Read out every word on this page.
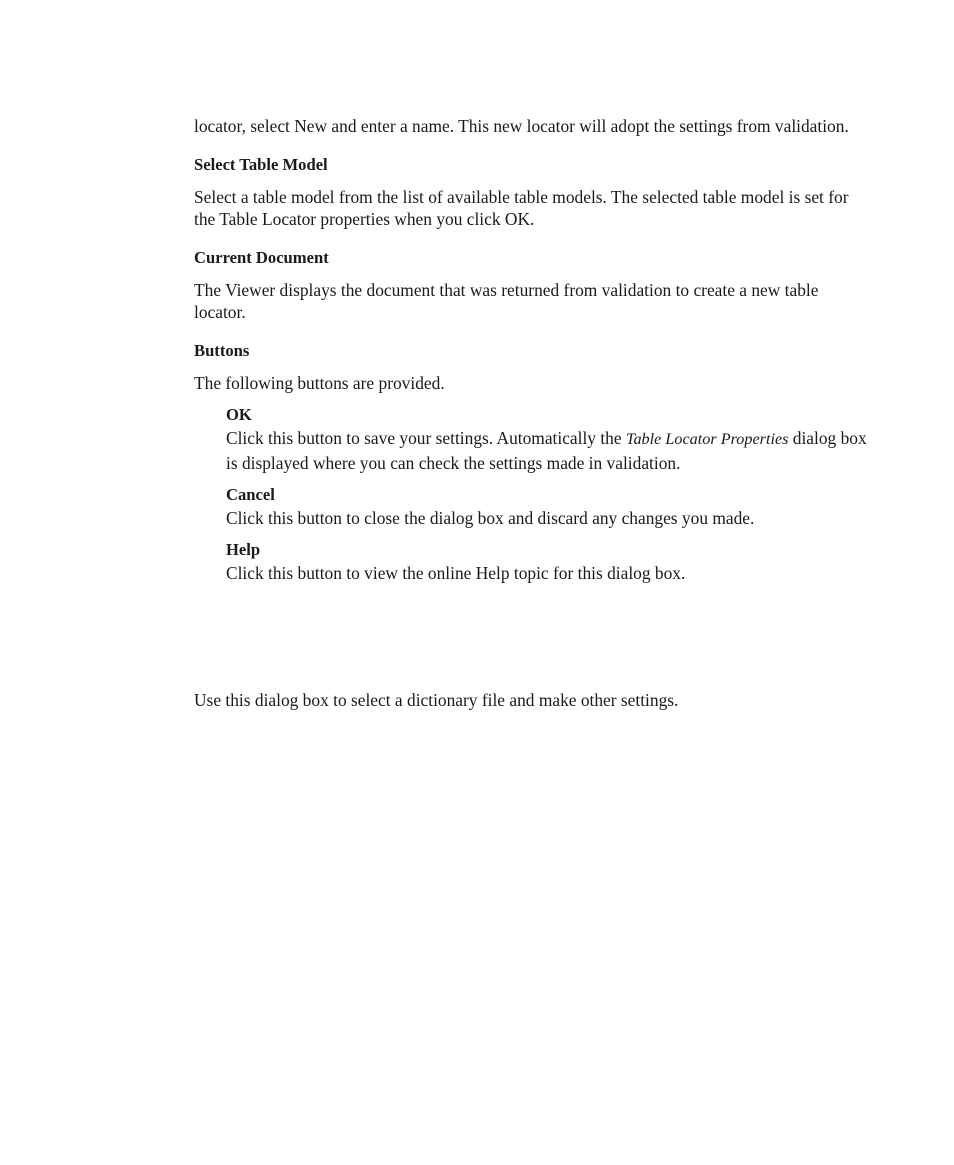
locator, select New and enter a name. This new locator will adopt the settings from validation.

Select Table Model

Select a table model from the list of available table models. The selected table model is set for the Table Locator properties when you click OK.

Current Document

The Viewer displays the document that was returned from validation to create a new table locator.

Buttons

The following buttons are provided.

OK

Click this button to save your settings. Automatically the Table Locator Properties dialog box is displayed where you can check the settings made in validation.

Cancel

Click this button to close the dialog box and discard any changes you made.

Help

Click this button to view the online Help topic for this dialog box.

Use this dialog box to select a dictionary file and make other settings.
